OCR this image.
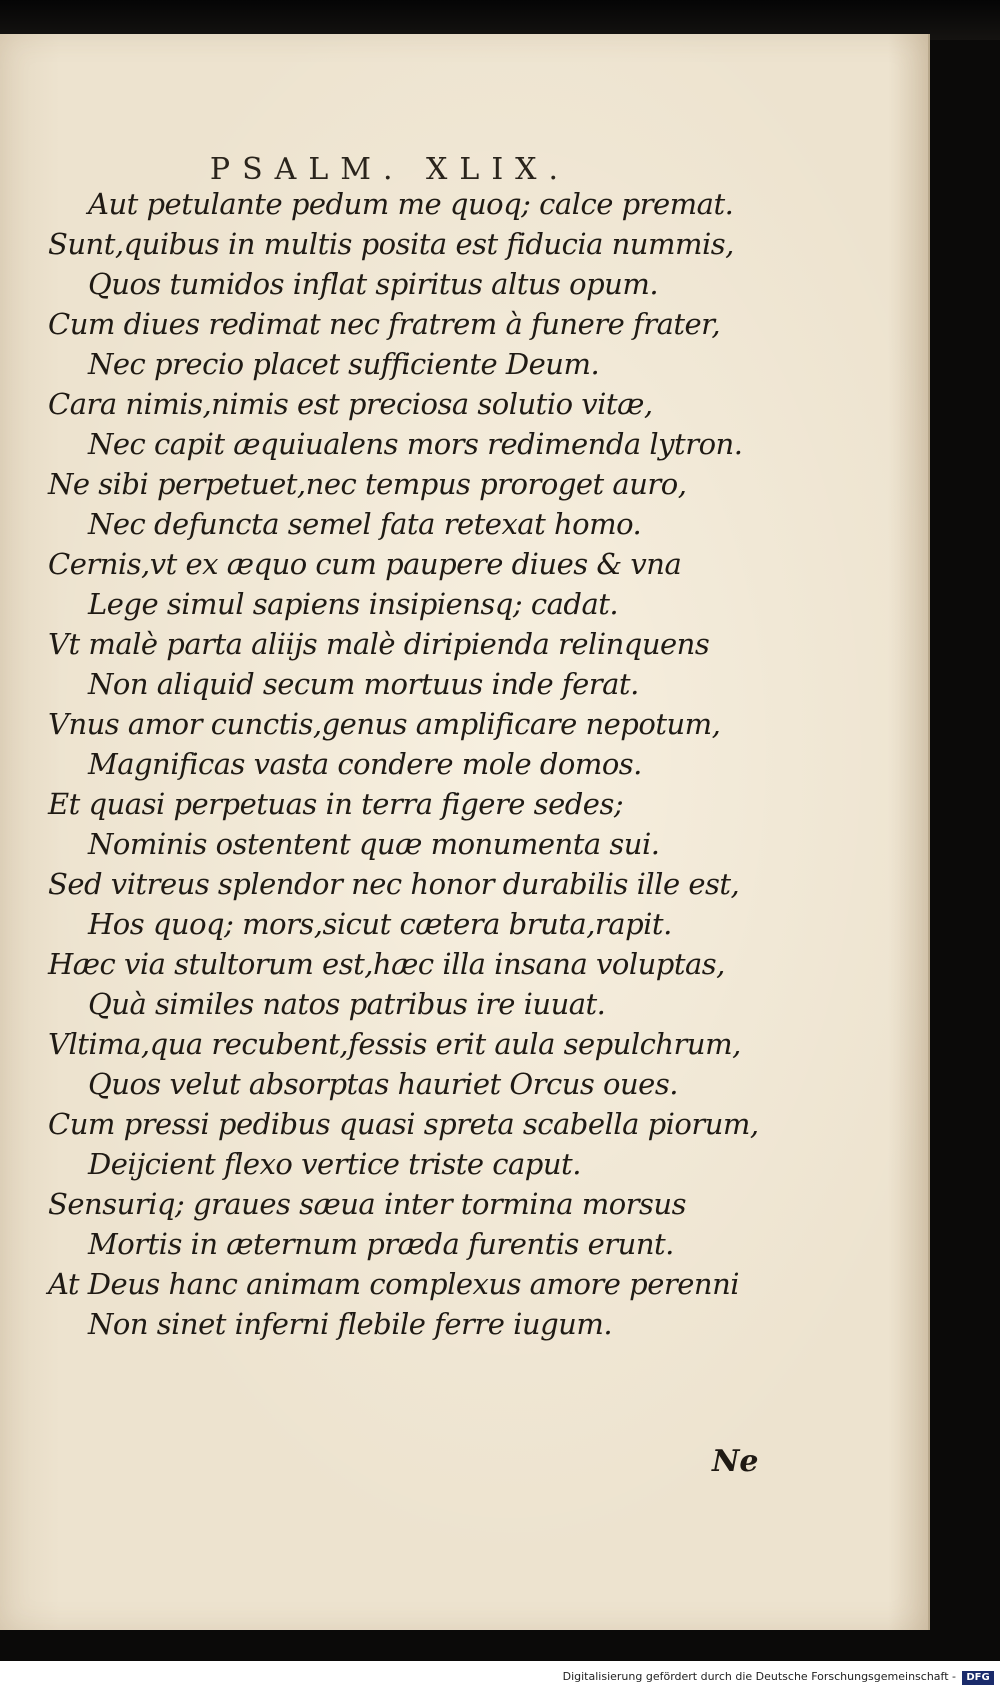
PSALM. XLIX.
Aut petulante pedum me quoq; calce premat.
Sunt,quibus in multis posita est fiducia nummis,
Quos tumidos inflat spiritus altus opum.
Cum diues redimat nec fratrem à funere frater,
Nec precio placet sufficiente Deum.
Cara nimis,nimis est preciosa solutio vitæ,
Nec capit æquiualens mors redimenda lytron.
Ne sibi perpetuet,nec tempus proroget auro,
Nec defuncta semel fata retexat homo.
Cernis,vt ex æquo cum paupere diues & vna
Lege simul sapiens insipiensq; cadat.
Vt malè parta aliijs malè diripienda relinquens
Non aliquid secum mortuus inde ferat.
Vnus amor cunctis,genus amplificare nepotum,
Magnificas vasta condere mole domos.
Et quasi perpetuas in terra figere sedes;
Nominis ostentent quæ monumenta sui.
Sed vitreus splendor nec honor durabilis ille est,
Hos quoq; mors,sicut cætera bruta,rapit.
Hæc via stultorum est,hæc illa insana voluptas,
Quà similes natos patribus ire iuuat.
Vltima,qua recubent,fessis erit aula sepulchrum,
Quos velut absorptas hauriet Orcus oues.
Cum pressi pedibus quasi spreta scabella piorum,
Deijcient flexo vertice triste caput.
Sensuriq; graues sæua inter tormina morsus
Mortis in æternum præda furentis erunt.
At Deus hanc animam complexus amore perenni
Non sinet inferni flebile ferre iugum.
Ne
Digitalisierung gefördert durch die Deutsche Forschungsgemeinschaft -	DFG
